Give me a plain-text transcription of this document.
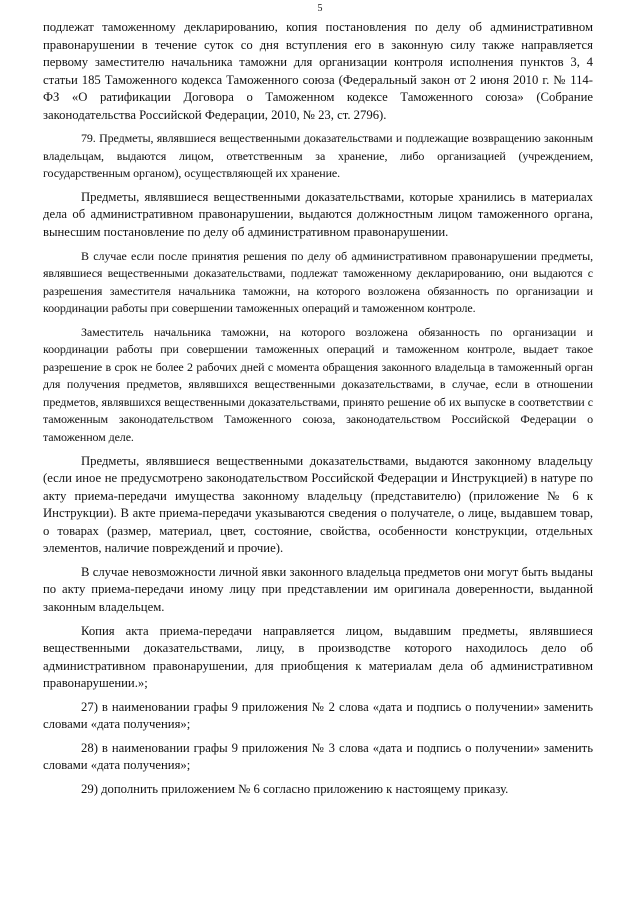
5

подлежат таможенному декларированию, копия постановления по делу об административном правонарушении в течение суток со дня вступления его в законную силу также направляется первому заместителю начальника таможни для организации контроля исполнения пунктов 3, 4 статьи 185 Таможенного кодекса Таможенного союза (Федеральный закон от 2 июня 2010 г. № 114-ФЗ «О ратификации Договора о Таможенном кодексе Таможенного союза» (Собрание законодательства Российской Федерации, 2010, № 23, ст. 2796).

79. Предметы, являвшиеся вещественными доказательствами и подлежащие возвращению законным владельцам, выдаются лицом, ответственным за хранение, либо организацией (учреждением, государственным органом), осуществляющей их хранение.

Предметы, являвшиеся вещественными доказательствами, которые хранились в материалах дела об административном правонарушении, выдаются должностным лицом таможенного органа, вынесшим постановление по делу об административном правонарушении.

В случае если после принятия решения по делу об административном правонарушении предметы, являвшиеся вещественными доказательствами, подлежат таможенному декларированию, они выдаются с разрешения заместителя начальника таможни, на которого возложена обязанность по организации и координации работы при совершении таможенных операций и таможенном контроле.

Заместитель начальника таможни, на которого возложена обязанность по организации и координации работы при совершении таможенных операций и таможенном контроле, выдает такое разрешение в срок не более 2 рабочих дней с момента обращения законного владельца в таможенный орган для получения предметов, являвшихся вещественными доказательствами, в случае, если в отношении предметов, являвшихся вещественными доказательствами, принято решение об их выпуске в соответствии с таможенным законодательством Таможенного союза, законодательством Российской Федерации о таможенном деле.

Предметы, являвшиеся вещественными доказательствами, выдаются законному владельцу (если иное не предусмотрено законодательством Российской Федерации и Инструкцией) в натуре по акту приема-передачи имущества законному владельцу (представителю) (приложение № 6 к Инструкции). В акте приема-передачи указываются сведения о получателе, о лице, выдавшем товар, о товарах (размер, материал, цвет, состояние, свойства, особенности конструкции, отдельных элементов, наличие повреждений и прочие).

В случае невозможности личной явки законного владельца предметов они могут быть выданы по акту приема-передачи иному лицу при представлении им оригинала доверенности, выданной законным владельцем.

Копия акта приема-передачи направляется лицом, выдавшим предметы, являвшиеся вещественными доказательствами, лицу, в производстве которого находилось дело об административном правонарушении, для приобщения к материалам дела об административном правонарушении.»;

27) в наименовании графы 9 приложения № 2 слова «дата и подпись о получении» заменить словами «дата получения»;

28) в наименовании графы 9 приложения № 3 слова «дата и подпись о получении» заменить словами «дата получения»;

29) дополнить приложением № 6 согласно приложению к настоящему приказу.
